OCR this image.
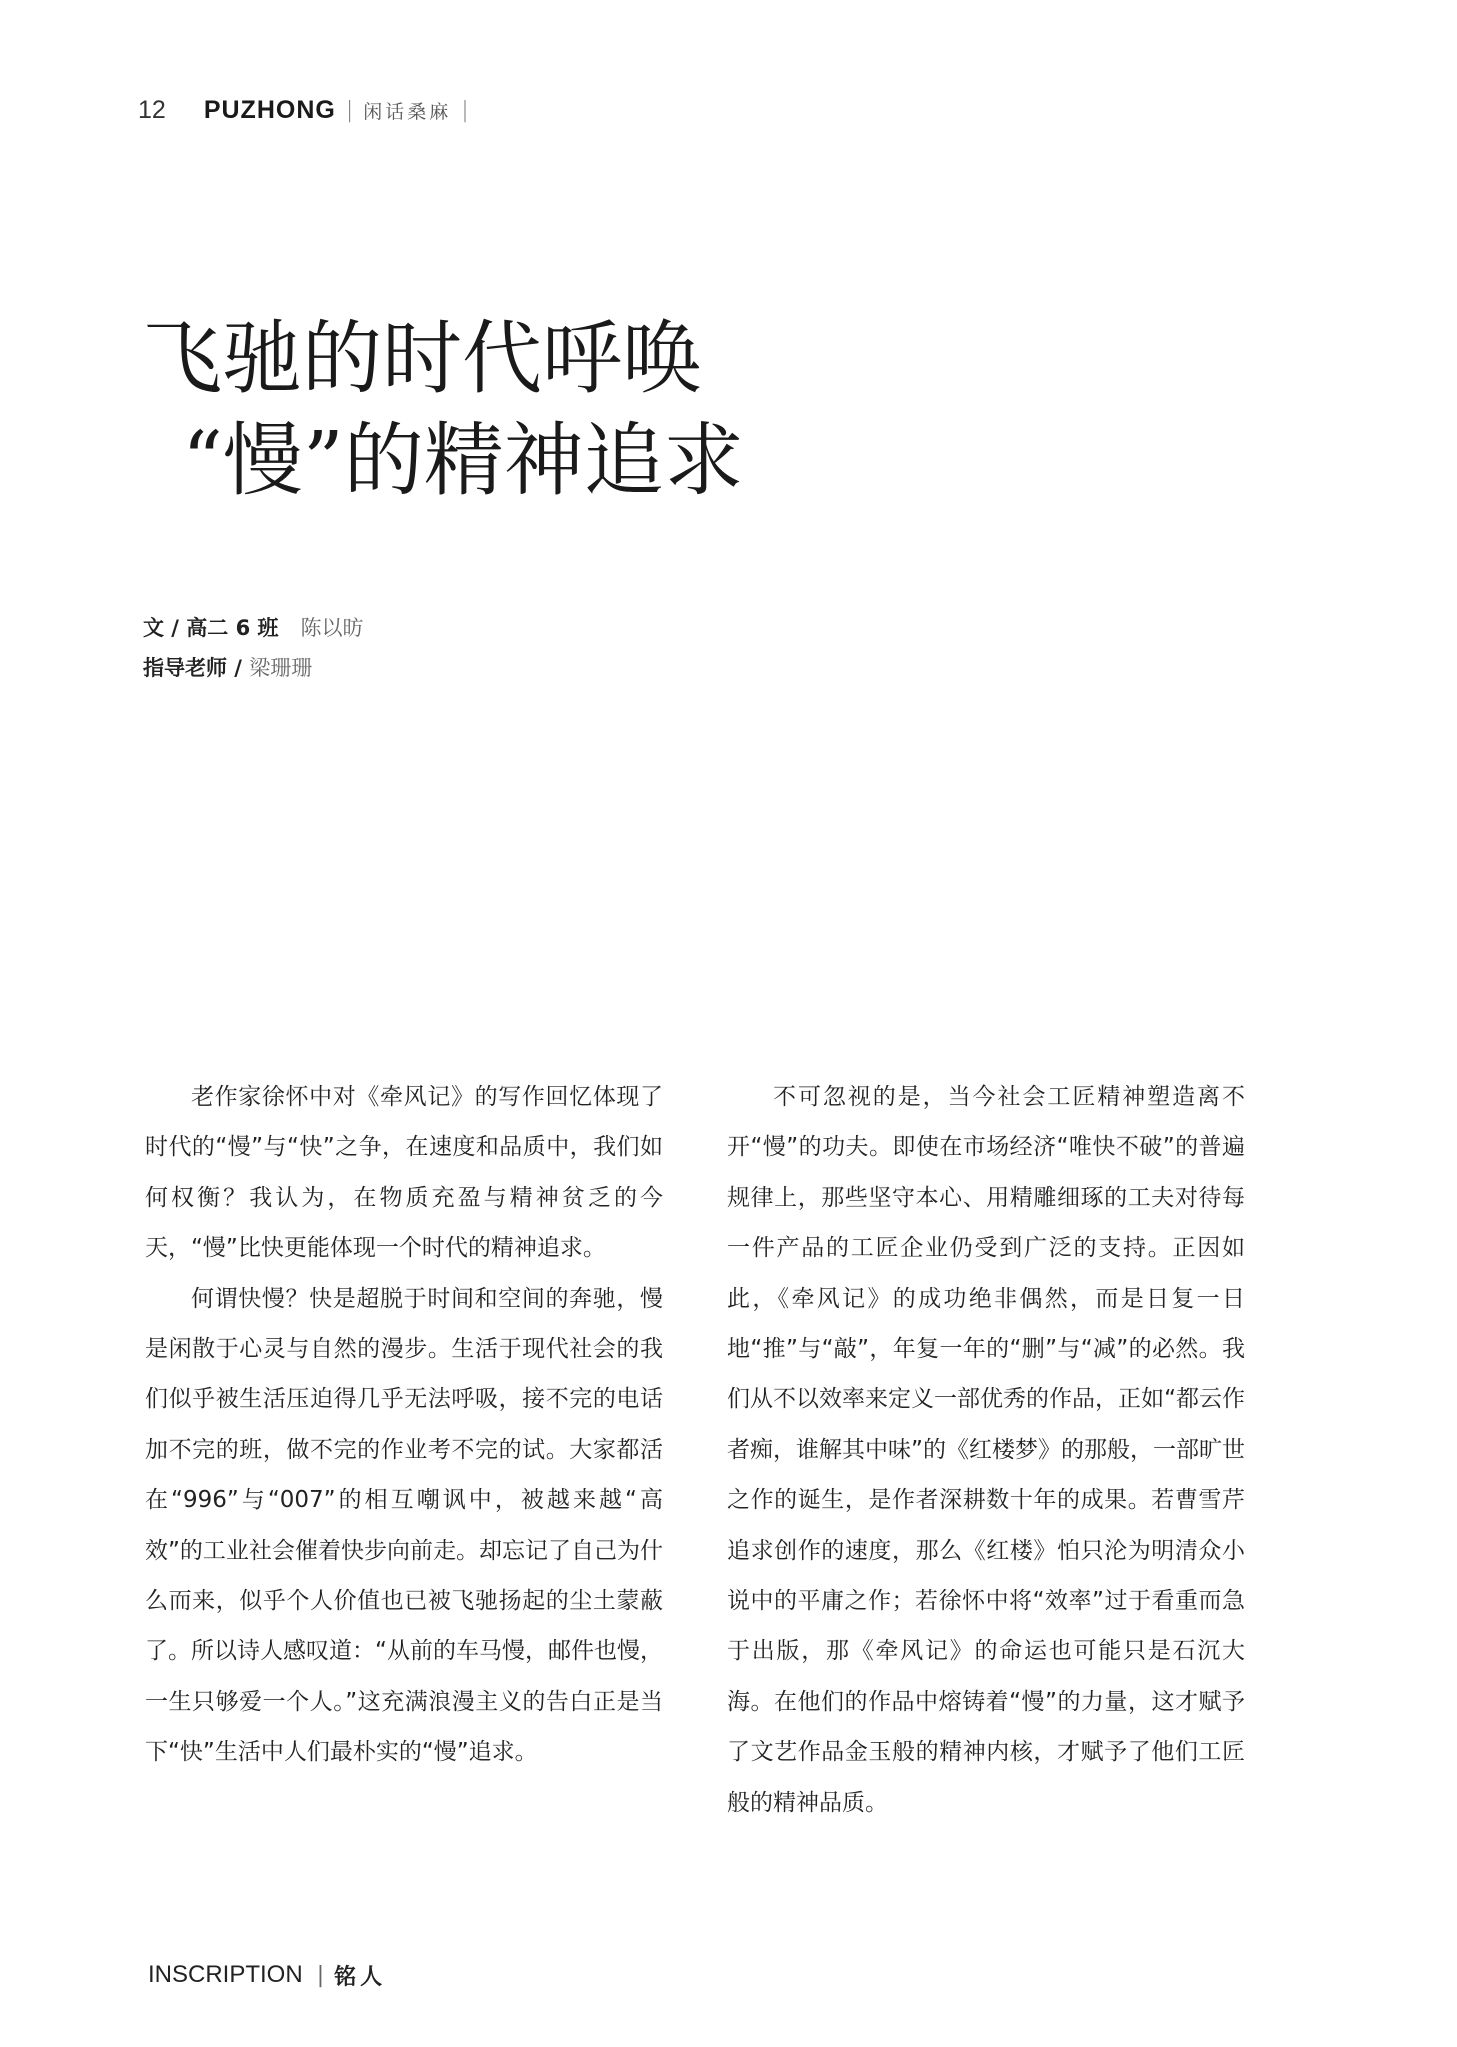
12 PUZHONG | 闲话桑麻 |
飞驰的时代呼唤
“慢”的精神追求
文 / 高二 6 班 陈以昉
指导老师 / 梁珊珊

老作家徐怀中对《牵风记》的写作回忆体现了时代的“慢”与“快”之争，在速度和品质中，我们如何权衡？我认为，在物质充盈与精神贫乏的今天，“慢”比快更能体现一个时代的精神追求。

何谓快慢？快是超脱于时间和空间的奔驰，慢是闲散于心灵与自然的漫步。生活于现代社会的我们似乎被生活压迫得几乎无法呼吸，接不完的电话加不完的班，做不完的作业考不完的试。大家都活在“996”与“007”的相互嘲讽中，被越来越“高效”的工业社会催着快步向前走。却忘记了自己为什么而来，似乎个人价值也已被飞驰扬起的尘土蒙蔽了。所以诗人感叹道：“从前的车马慢，邮件也慢，一生只够爱一个人。”这充满浪漫主义的告白正是当下“快”生活中人们最朴实的“慢”追求。

不可忽视的是，当今社会工匠精神塑造离不开“慢”的功夫。即使在市场经济“唯快不破”的普遍规律上，那些坚守本心、用精雕细琢的工夫对待每一件产品的工匠企业仍受到广泛的支持。正因如此，《牵风记》的成功绝非偶然，而是日复一日地“推”与“敲”，年复一年的“删”与“减”的必然。我们从不以效率来定义一部优秀的作品，正如“都云作者痴，谁解其中味”的《红楼梦》的那般，一部旷世之作的诞生，是作者深耕数十年的成果。若曹雪芹追求创作的速度，那么《红楼》怕只沦为明清众小说中的平庸之作；若徐怀中将“效率”过于看重而急于出版，那《牵风记》的命运也可能只是石沉大海。在他们的作品中熔铸着“慢”的力量，这才赋予了文艺作品金玉般的精神内核，才赋予了他们工匠般的精神品质。

INSCRIPTION | 铭人
